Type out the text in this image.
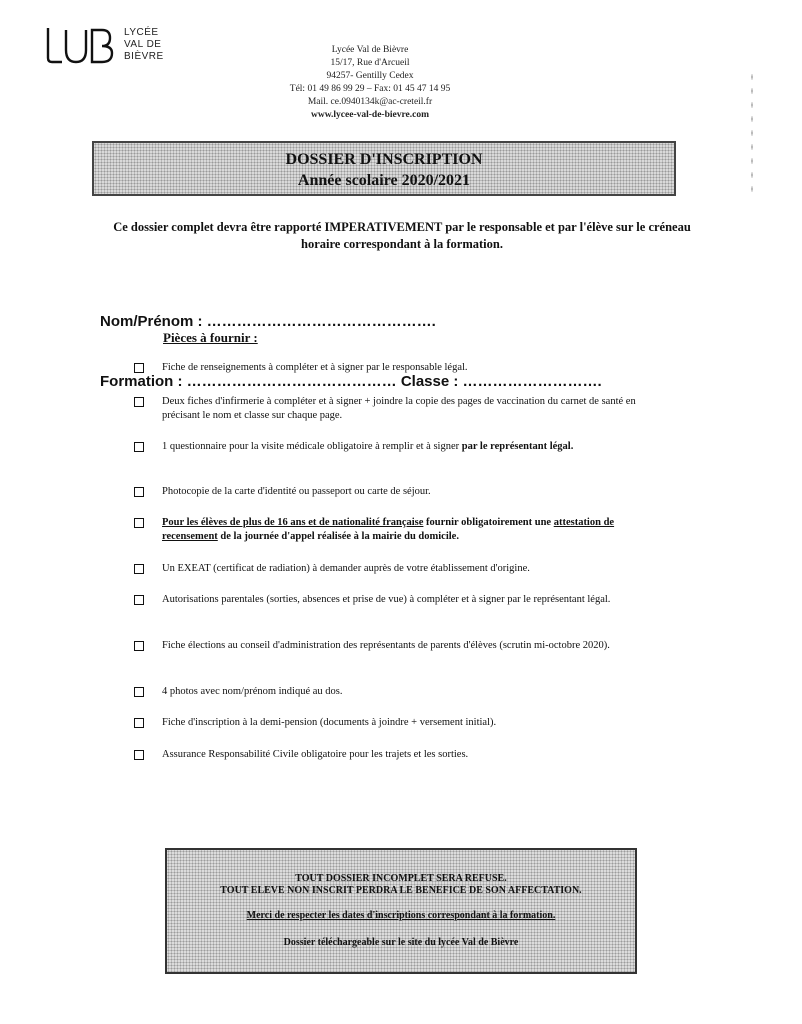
LYCÉE
VAL DE
BIÈVRE
Lycée Val de Bièvre
15/17, Rue d'Arcueil
94257- Gentilly Cedex
Tél: 01 49 86 99 29 – Fax: 01 45 47 14 95
Mail. ce.0940134k@ac-creteil.fr
www.lycee-val-de-bievre.com
DOSSIER D'INSCRIPTION
Année scolaire 2020/2021
Ce dossier complet devra être rapporté IMPERATIVEMENT par le responsable et par l'élève sur le créneau horaire correspondant à la formation.

Nom/Prénom : ……………………………………….

Formation : …………………………………… Classe : ……………………….

Pièces à fournir :
Fiche de renseignements à compléter et à signer par le responsable légal.
Deux fiches d'infirmerie à compléter et à signer + joindre la copie des pages de vaccination du carnet de santé en précisant le nom et classe sur chaque page.
1 questionnaire pour la visite médicale obligatoire à remplir et à signer par le représentant légal.
Photocopie de la carte d'identité ou passeport ou carte de séjour.
Pour les élèves de plus de 16 ans et de nationalité française fournir obligatoirement une attestation de recensement de la journée d'appel réalisée à la mairie du domicile.
Un EXEAT (certificat de radiation) à demander auprès de votre établissement d'origine.
Autorisations parentales (sorties, absences et prise de vue) à compléter et à signer par le représentant légal.
Fiche élections au conseil d'administration des représentants de parents d'élèves (scrutin mi-octobre 2020).
4 photos avec nom/prénom indiqué au dos.
Fiche d'inscription à la demi-pension (documents à joindre + versement initial).
Assurance Responsabilité Civile obligatoire pour les trajets et les sorties.
TOUT DOSSIER INCOMPLET SERA REFUSE.
TOUT ELEVE NON INSCRIT PERDRA LE BENEFICE DE SON AFFECTATION.
Merci de respecter les dates d'inscriptions correspondant à la formation.
Dossier téléchargeable sur le site du lycée Val de Bièvre
